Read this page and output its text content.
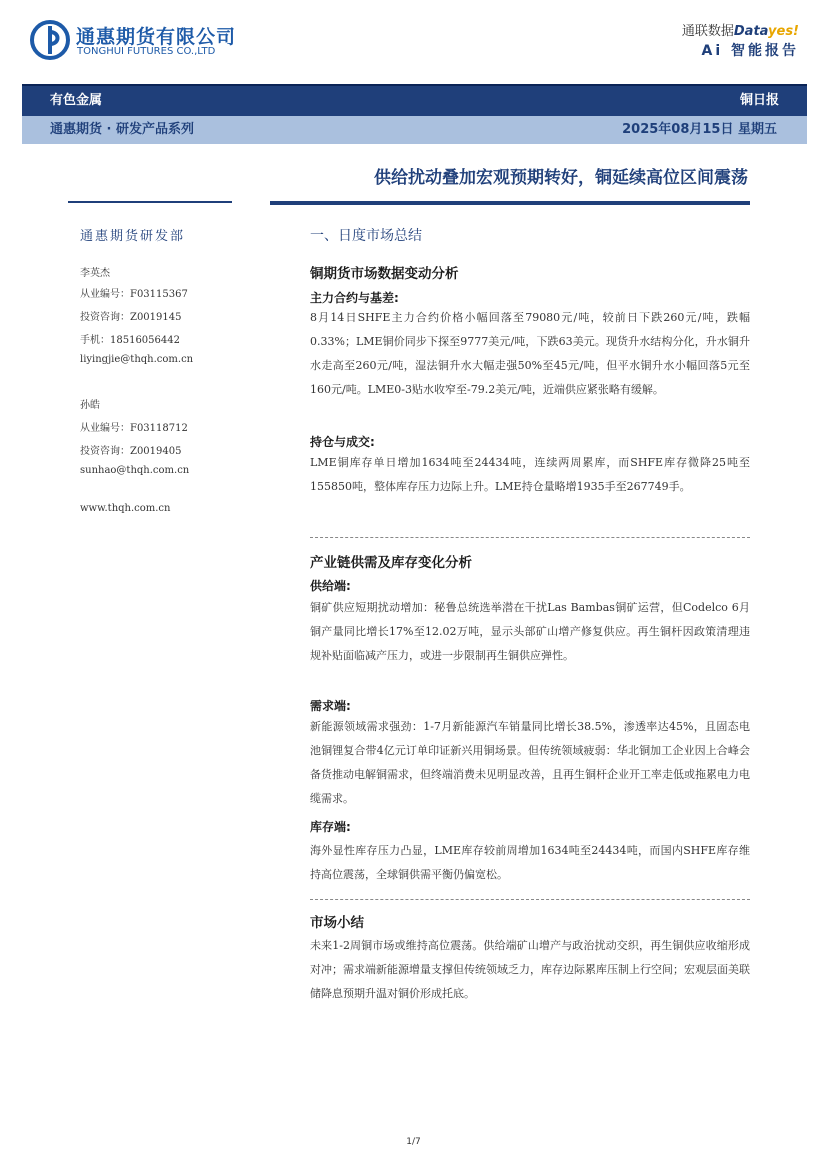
通惠期货有限公司
TONGHUI FUTURES CO.,LTD
通联数据Datayes!
Ai 智能报告
有色金属	铜日报
通惠期货 · 研发产品系列	2025年08月15日 星期五
供给扰动叠加宏观预期转好，铜延续高位区间震荡
通惠期货研发部
李英杰
从业编号：F03115367
投资咨询：Z0019145
手机：18516056442
liyingjie@thqh.com.cn
孙皓
从业编号：F03118712
投资咨询：Z0019405
sunhao@thqh.com.cn
www.thqh.com.cn
一、日度市场总结
铜期货市场数据变动分析
主力合约与基差:

8月14日SHFE主力合约价格小幅回落至79080元/吨，较前日下跌260元/吨，跌幅0.33%；LME铜价同步下探至9777美元/吨，下跌63美元。现货升水结构分化，升水铜升水走高至260元/吨，湿法铜升水大幅走强50%至45元/吨，但平水铜升水小幅回落5元至160元/吨。LME0-3贴水收窄至-79.2美元/吨，近端供应紧张略有缓解。

持仓与成交:

LME铜库存单日增加1634吨至24434吨，连续两周累库，而SHFE库存微降25吨至155850吨，整体库存压力边际上升。LME持仓量略增1935手至267749手。

产业链供需及库存变化分析
供给端:

铜矿供应短期扰动增加：秘鲁总统选举潜在干扰Las Bambas铜矿运营，但Codelco 6月铜产量同比增长17%至12.02万吨，显示头部矿山增产修复供应。再生铜杆因政策清理违规补贴面临减产压力，或进一步限制再生铜供应弹性。

需求端:

新能源领域需求强劲：1-7月新能源汽车销量同比增长38.5%，渗透率达45%，且固态电池铜锂复合带4亿元订单印证新兴用铜场景。但传统领域疲弱：华北铜加工企业因上合峰会备货推动电解铜需求，但终端消费未见明显改善，且再生铜杆企业开工率走低或拖累电力电缆需求。

库存端:

海外显性库存压力凸显，LME库存较前周增加1634吨至24434吨，而国内SHFE库存维持高位震荡，全球铜供需平衡仍偏宽松。

市场小结

未来1-2周铜市场或维持高位震荡。供给端矿山增产与政治扰动交织，再生铜供应收缩形成对冲；需求端新能源增量支撑但传统领域乏力，库存边际累库压制上行空间；宏观层面美联储降息预期升温对铜价形成托底。

1/7
